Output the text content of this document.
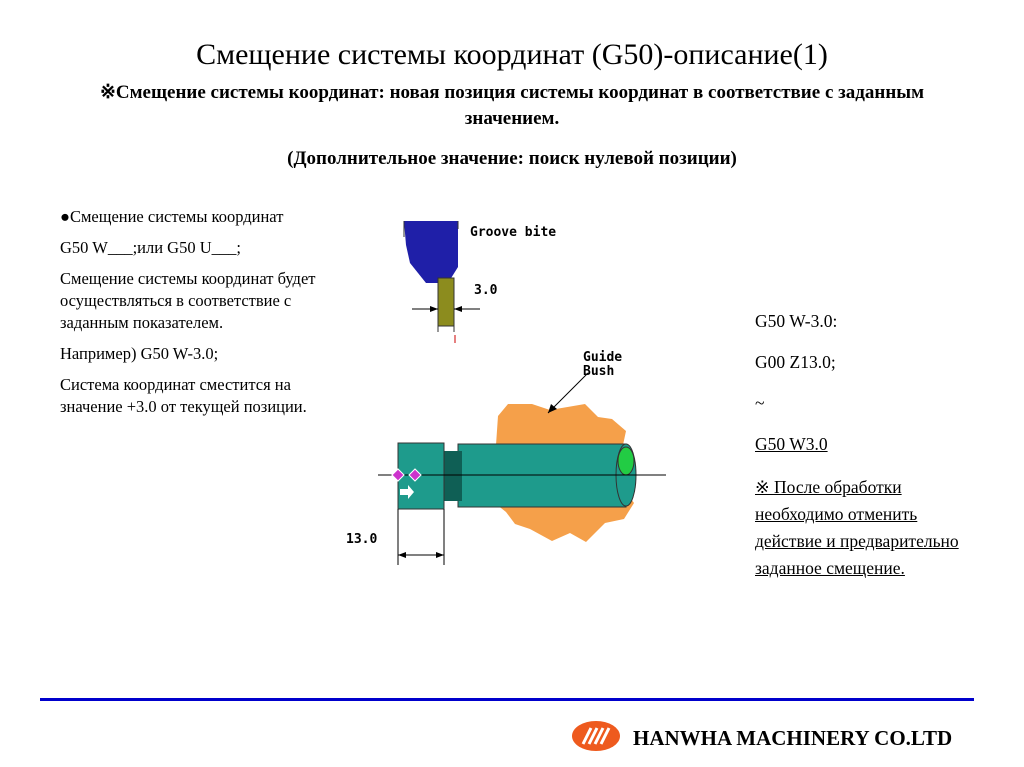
Смещение системы координат (G50)-описание(1)
※Смещение системы координат: новая позиция системы координат в соответствие с заданным значением.
(Дополнительное значение: поиск нулевой позиции)

●Смещение системы координат

G50 W___;или G50 U___;

Смещение системы координат будет осуществляться в соответствие с заданным показателем.

Например) G50 W-3.0;

Система координат сместится на значение +3.0 от текущей позиции.

Groove bite
3.0
Guide
Bush
13.0

G50 W-3.0:

G00 Z13.0;

~

G50 W3.0

※ После обработки необходимо отменить действие и предварительно заданное смещение.

HANWHA MACHINERY CO.LTD
